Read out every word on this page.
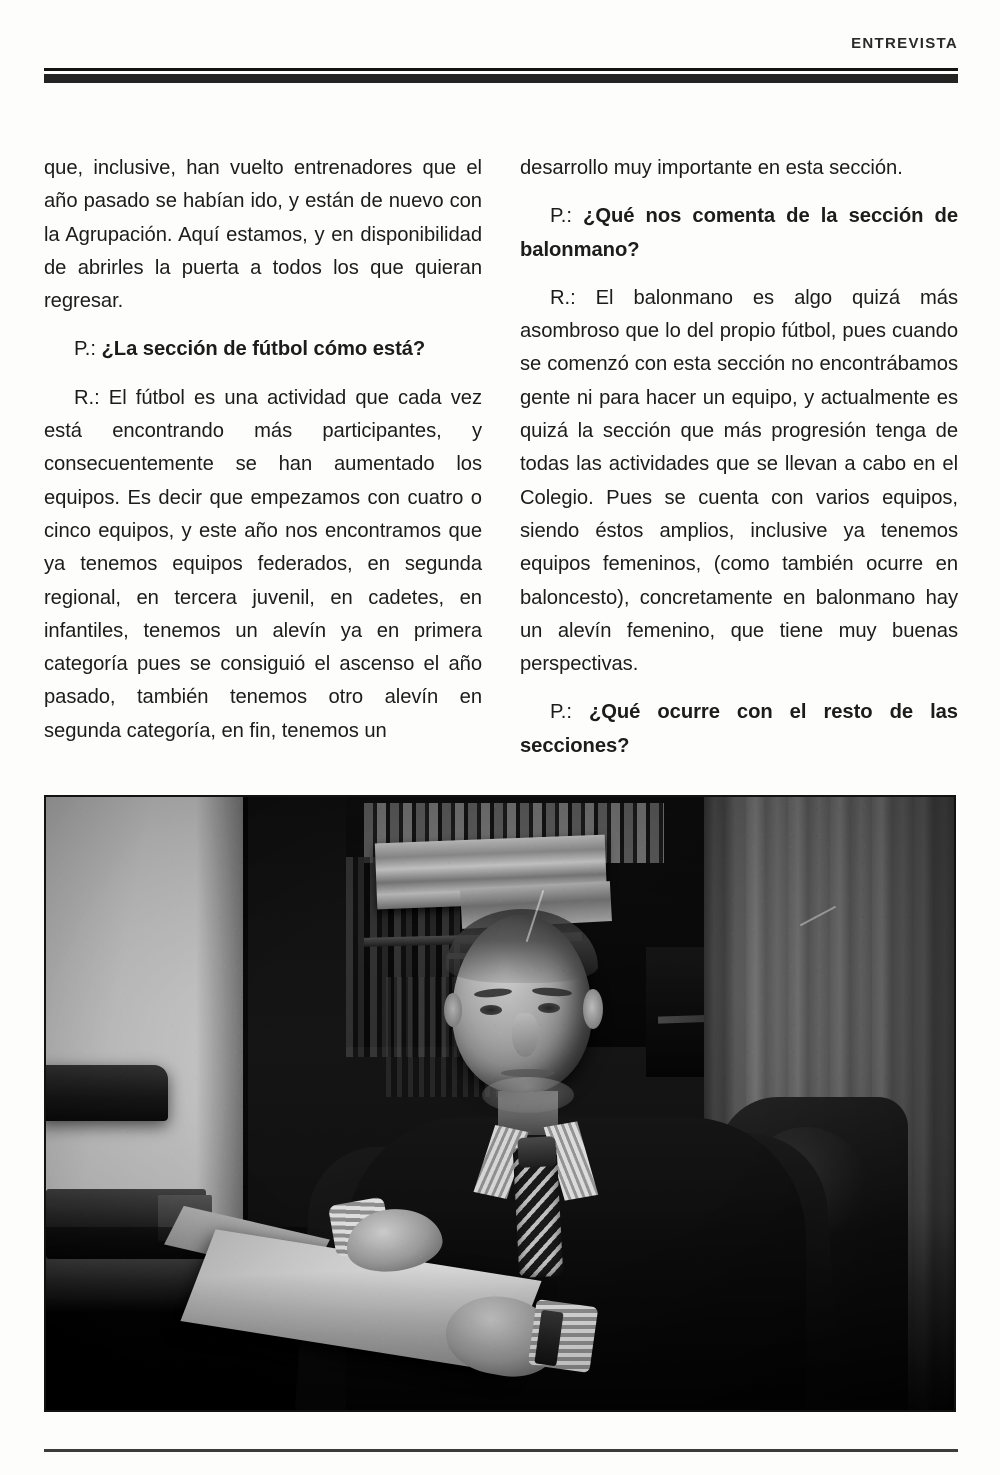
entrevista

que, inclusive, han vuelto entrenadores que el año pasado se habían ido, y están de nuevo con la Agrupación. Aquí estamos, y en disponibilidad de abrirles la puerta a todos los que quieran regresar.

P.: ¿La sección de fútbol cómo está?

R.: El fútbol es una actividad que cada vez está encontrando más participantes, y consecuentemente se han aumentado los equipos. Es decir que empezamos con cuatro o cinco equipos, y este año nos encontramos que ya tenemos equipos federados, en segunda regional, en tercera juvenil, en cadetes, en infantiles, tenemos un alevín ya en primera categoría pues se consiguió el ascenso el año pasado, también tenemos otro alevín en segunda categoría, en fin, tenemos un

desarrollo muy importante en esta sección.

P.: ¿Qué nos comenta de la sección de balonmano?

R.: El balonmano es algo quizá más asombroso que lo del propio fútbol, pues cuando se comenzó con esta sección no encontrábamos gente ni para hacer un equipo, y actualmente es quizá la sección que más progresión tenga de todas las actividades que se llevan a cabo en el Colegio. Pues se cuenta con varios equipos, siendo éstos amplios, inclusive ya tenemos equipos femeninos, (como también ocurre en baloncesto), concretamente en balonmano hay un alevín femenino, que tiene muy buenas perspectivas.

P.: ¿Qué ocurre con el resto de las secciones?
